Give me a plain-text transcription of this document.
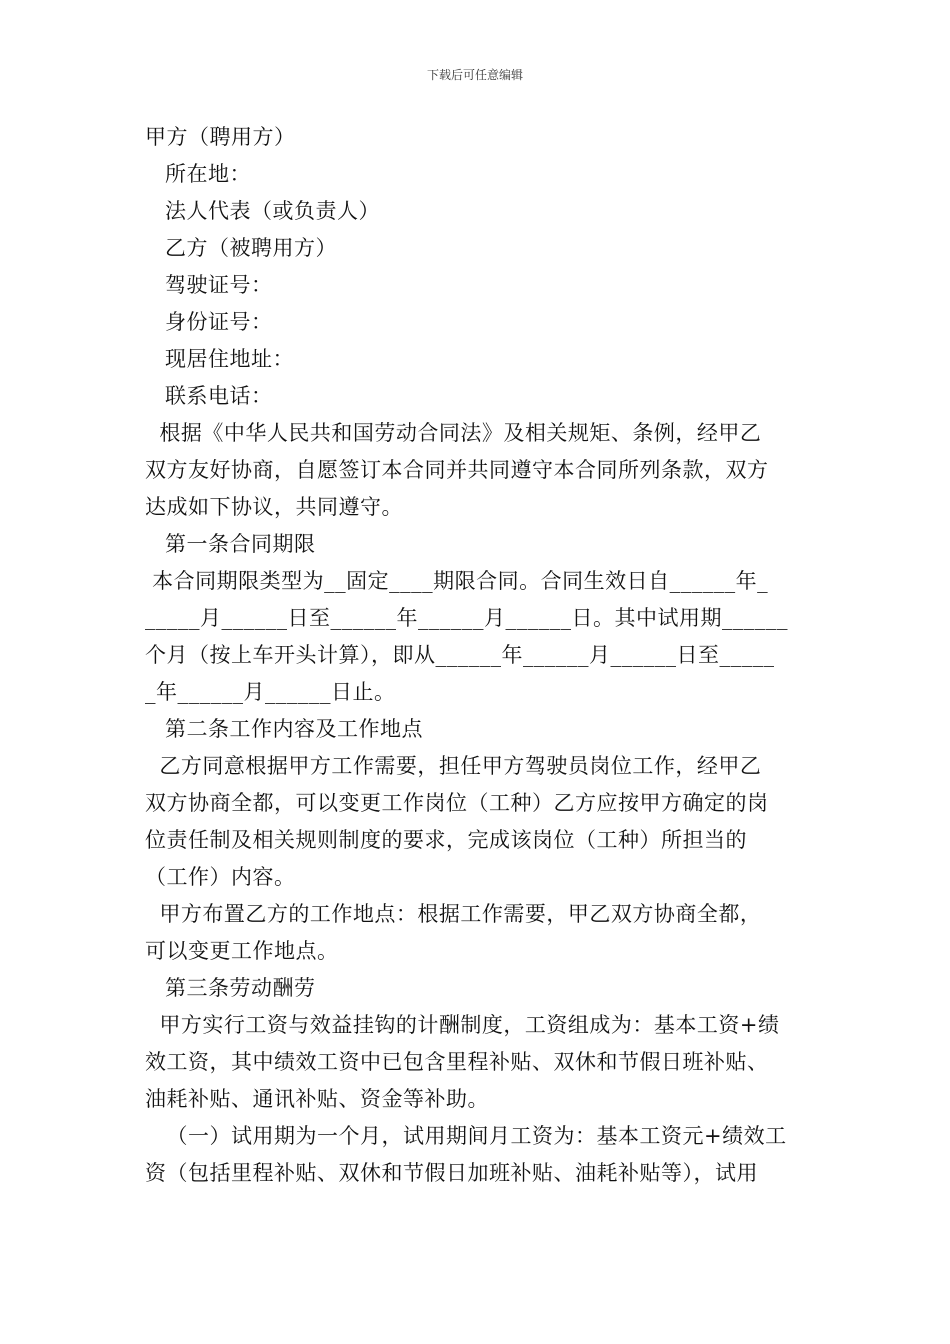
下载后可任意编辑
甲方（聘用方）
所在地：
法人代表（或负责人）
乙方（被聘用方）
驾驶证号：
身份证号：
现居住地址：
联系电话：
根据《中华人民共和国劳动合同法》及相关规矩、条例，经甲乙
双方友好协商，自愿签订本合同并共同遵守本合同所列条款，双方
达成如下协议，共同遵守。
第一条合同期限
本合同期限类型为__固定____期限合同。合同生效日自______年_
_____月______日至______年______月______日。其中试用期______
个月（按上车开头计算），即从______年______月______日至_____
_年______月______日止。
第二条工作内容及工作地点
乙方同意根据甲方工作需要，担任甲方驾驶员岗位工作，经甲乙
双方协商全都，可以变更工作岗位（工种）乙方应按甲方确定的岗
位责任制及相关规则制度的要求，完成该岗位（工种）所担当的
（工作）内容。
甲方布置乙方的工作地点：根据工作需要，甲乙双方协商全都，
可以变更工作地点。
第三条劳动酬劳
甲方实行工资与效益挂钩的计酬制度，工资组成为：基本工资+绩
效工资，其中绩效工资中已包含里程补贴、双休和节假日班补贴、
油耗补贴、通讯补贴、资金等补助。
（一）试用期为一个月，试用期间月工资为：基本工资元+绩效工
资（包括里程补贴、双休和节假日加班补贴、油耗补贴等），试用
